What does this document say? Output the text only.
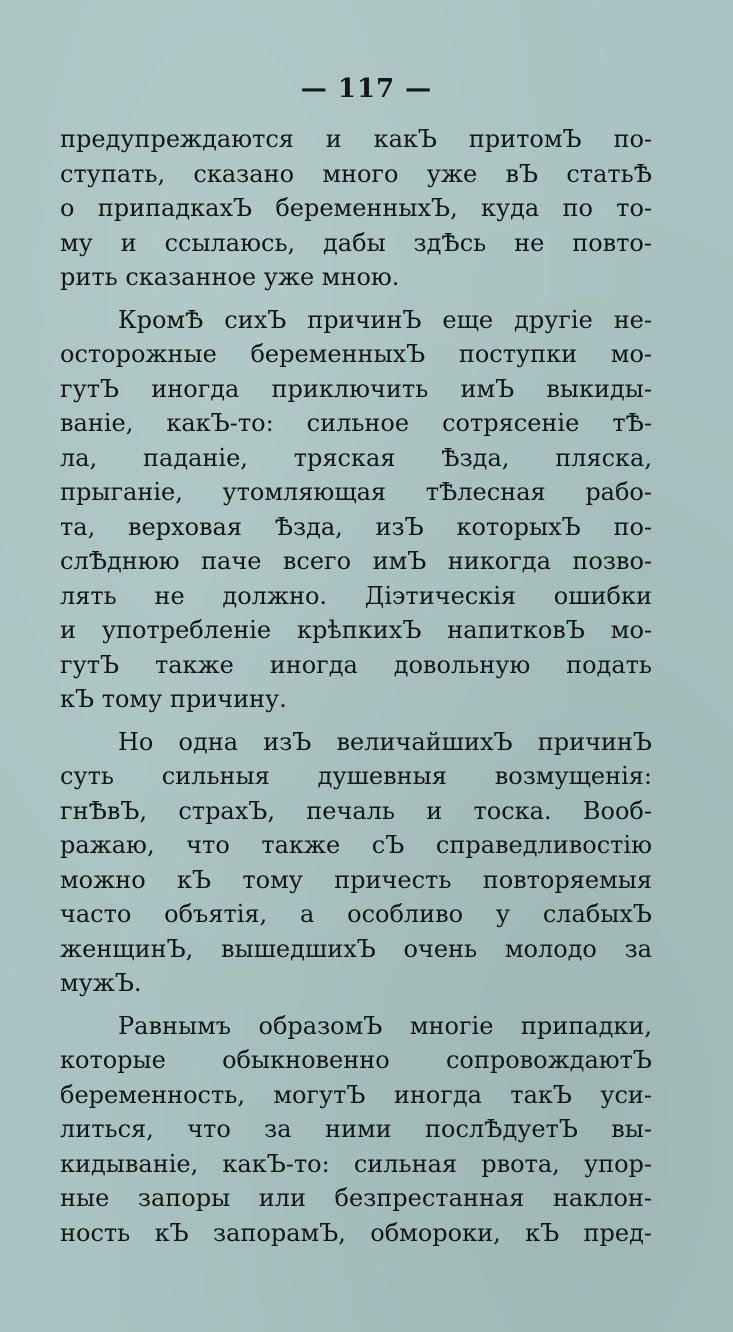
— 117 —
предупреждаются и какЪ притомЪ по-
ступать, сказано много уже вЪ статьѢ
о припадкахЪ беременныхЪ, куда по то-
му и ссылаюсь, дабы здѢсь не повто-
рить сказанное уже мною.
КромѢ сихЪ причинЪ еще другіе не-
осторожные беременныхЪ поступки мо-
гутЪ иногда приключить имЪ выкиды-
ваніе, какЪ-то: сильное сотрясеніе тѢ-
ла, паданіе, тряская Ѣзда, пляска,
прыганіе, утомляющая тѢлесная рабо-
та, верховая Ѣзда, изЪ которыхЪ по-
слѢднюю паче всего имЪ никогда позво-
лять не должно. Діэтическія ошибки
и употребленіе крѣпкихЪ напитковЪ мо-
гутЪ также иногда довольную подать
кЪ тому причину.
Но одна изЪ величайшихЪ причинЪ
суть сильныя душевныя возмущенія:
гнѢвЪ, страхЪ, печаль и тоска. Вооб-
ражаю, что также сЪ справедливостію
можно кЪ тому причесть повторяемыя
часто объятія, а особливо у слабыхЪ
женщинЪ, вышедшихЪ очень молодо за
мужЪ.
Равнымъ образомЪ многіе припадки,
которые обыкновенно сопровождаютЪ
беременность, могутЪ иногда такЪ уси-
литься, что за ними послѢдуетЪ вы-
кидываніе, какЪ-то: сильная рвота, упор-
ные запоры или безпрестанная наклон-
ность кЪ запорамЪ, обмороки, кЪ пред-
